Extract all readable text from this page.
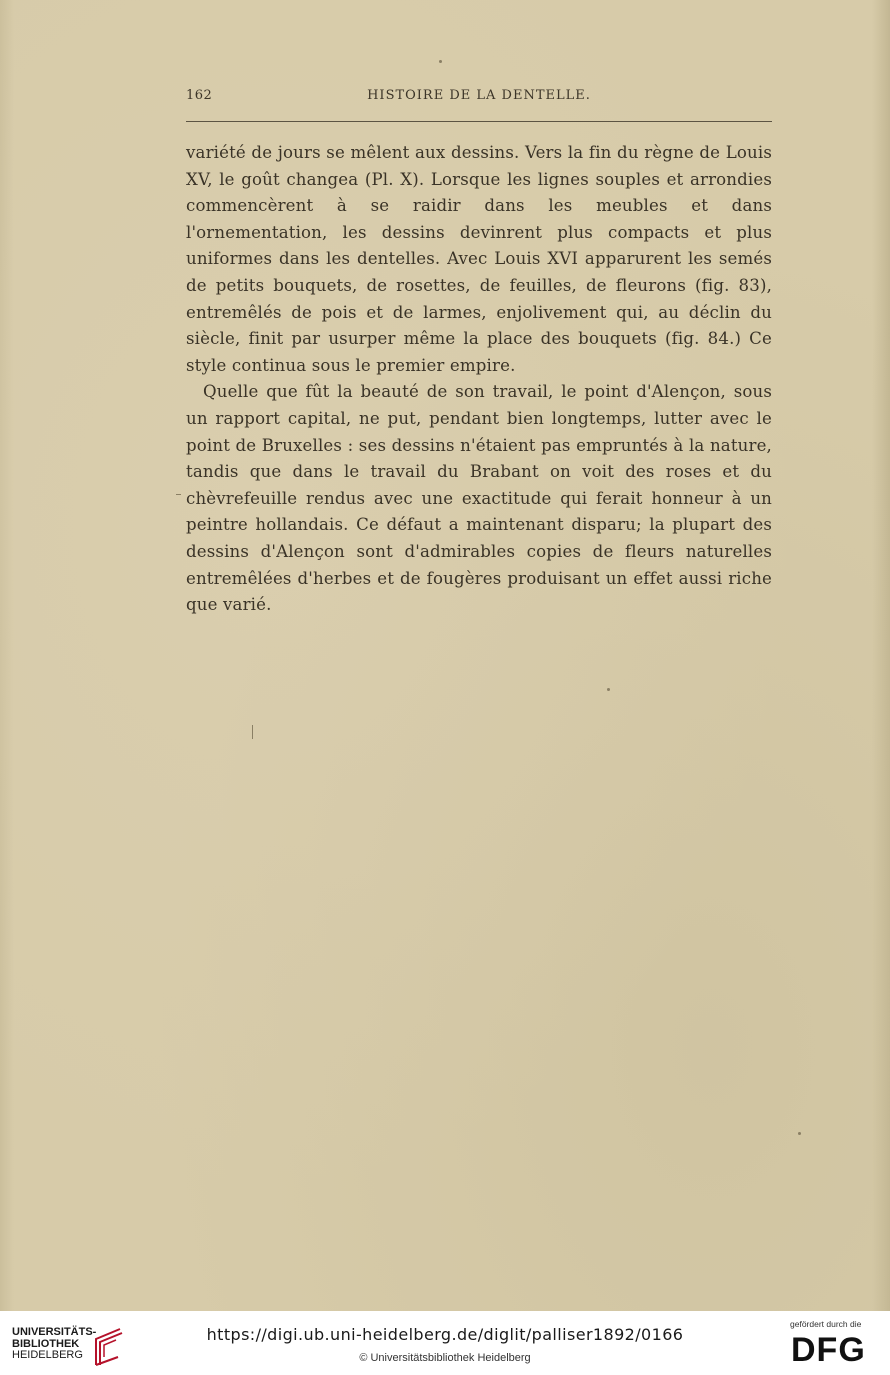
162	HISTOIRE DE LA DENTELLE.

variété de jours se mêlent aux dessins. Vers la fin du règne de Louis XV, le goût changea (Pl. X). Lorsque les lignes souples et arrondies commencèrent à se raidir dans les meubles et dans l'ornementation, les dessins devinrent plus compacts et plus uniformes dans les dentelles. Avec Louis XVI apparurent les semés de petits bouquets, de rosettes, de feuilles, de fleurons (fig. 83), entremêlés de pois et de larmes, enjolivement qui, au déclin du siècle, finit par usurper même la place des bouquets (fig. 84.) Ce style continua sous le premier empire.

Quelle que fût la beauté de son travail, le point d'Alençon, sous un rapport capital, ne put, pendant bien longtemps, lutter avec le point de Bruxelles : ses dessins n'étaient pas empruntés à la nature, tandis que dans le travail du Brabant on voit des roses et du chèvrefeuille rendus avec une exactitude qui ferait honneur à un peintre hollandais. Ce défaut a maintenant disparu; la plupart des dessins d'Alençon sont d'admirables copies de fleurs naturelles entremêlées d'herbes et de fougères produisant un effet aussi riche que varié.

UNIVERSITÄTS-
BIBLIOTHEK
HEIDELBERG
https://digi.ub.uni-heidelberg.de/diglit/palliser1892/0166
© Universitätsbibliothek Heidelberg
gefördert durch die
DFG
